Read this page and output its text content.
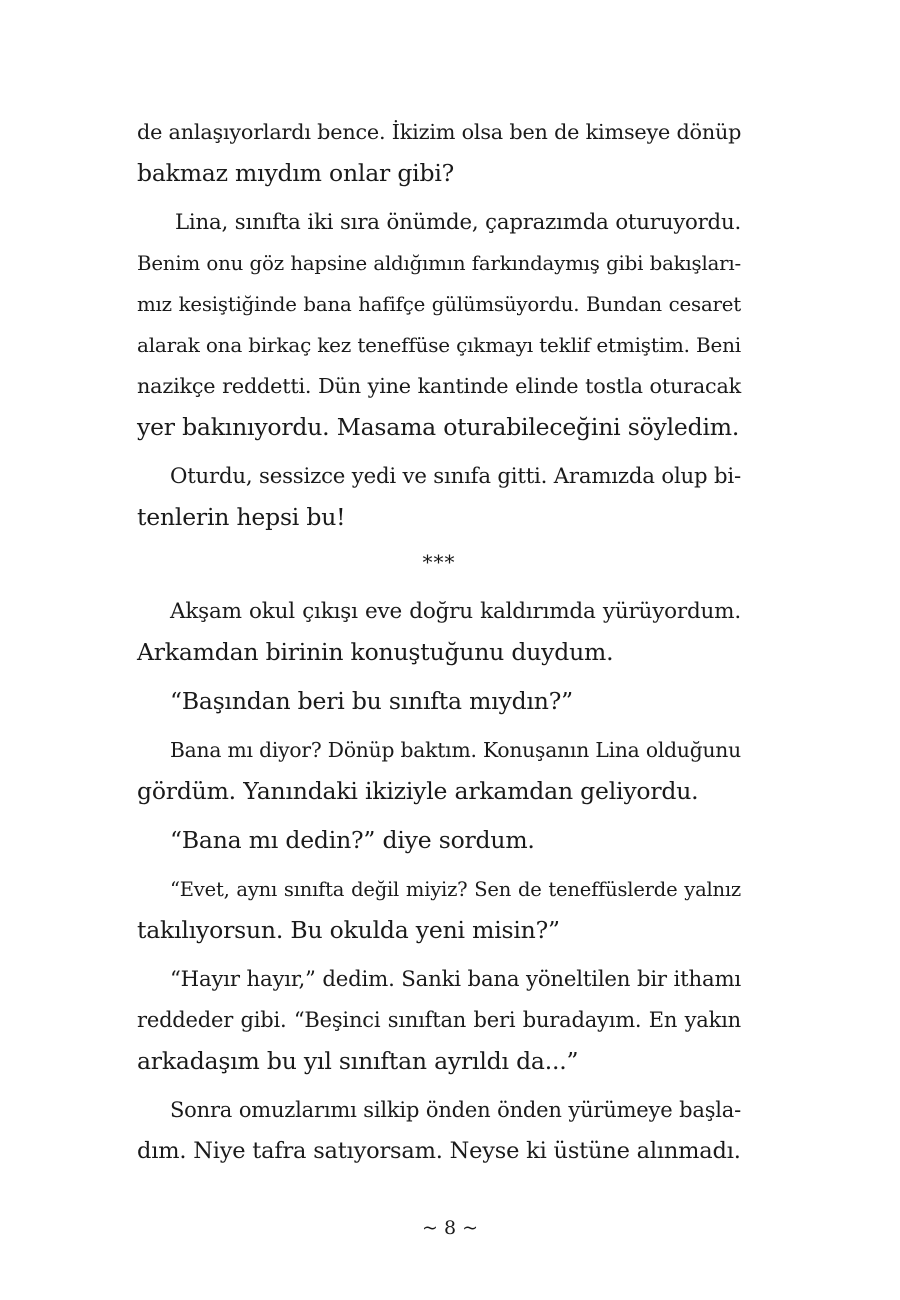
de anlaşıyorlardı bence. İkizim olsa ben de kimseye dönüp
bakmaz mıydım onlar gibi?
Lina, sınıfta iki sıra önümde, çaprazımda oturuyordu.
Benim onu göz hapsine aldığımın farkındaymış gibi bakışları-
mız kesiştiğinde bana hafifçe gülümsüyordu. Bundan cesaret
alarak ona birkaç kez teneffüse çıkmayı teklif etmiştim. Beni
nazikçe reddetti. Dün yine kantinde elinde tostla oturacak
yer bakınıyordu. Masama oturabileceğini söyledim.
Oturdu, sessizce yedi ve sınıfa gitti. Aramızda olup bi-
tenlerin hepsi bu!
***
Akşam okul çıkışı eve doğru kaldırımda yürüyordum.
Arkamdan birinin konuştuğunu duydum.
“Başından beri bu sınıfta mıydın?”
Bana mı diyor? Dönüp baktım. Konuşanın Lina olduğunu
gördüm. Yanındaki ikiziyle arkamdan geliyordu.
“Bana mı dedin?” diye sordum.
“Evet, aynı sınıfta değil miyiz? Sen de teneffüslerde yalnız
takılıyorsun. Bu okulda yeni misin?”
“Hayır hayır,” dedim. Sanki bana yöneltilen bir ithamı
reddeder gibi. “Beşinci sınıftan beri buradayım. En yakın
arkadaşım bu yıl sınıftan ayrıldı da...”
Sonra omuzlarımı silkip önden önden yürümeye başla-
dım. Niye tafra satıyorsam. Neyse ki üstüne alınmadı.
~ 8 ~
